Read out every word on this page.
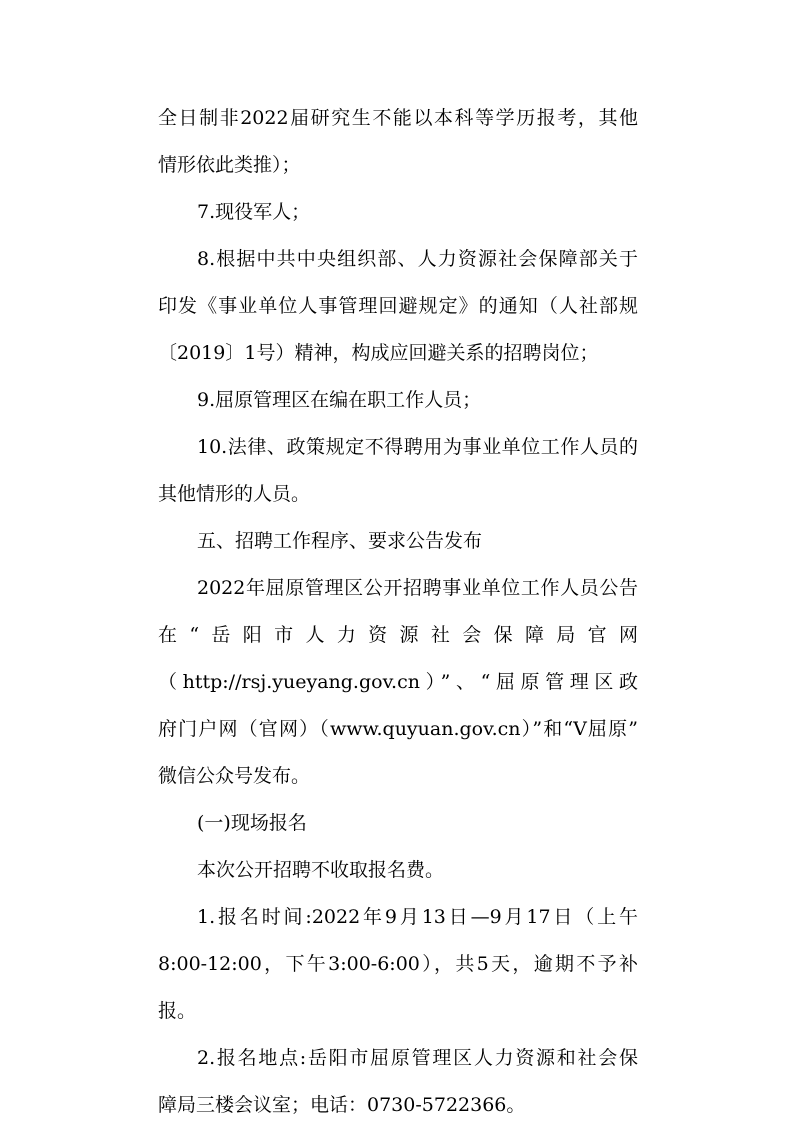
全日制非2022届研究生不能以本科等学历报考，其他
情形依此类推）；
7.现役军人；
8.根据中共中央组织部、人力资源社会保障部关于
印发《事业单位人事管理回避规定》的通知（人社部规
〔2019〕1号）精神，构成应回避关系的招聘岗位；
9.屈原管理区在编在职工作人员；
10.法律、政策规定不得聘用为事业单位工作人员的
其他情形的人员。
五、招聘工作程序、要求公告发布
2022年屈原管理区公开招聘事业单位工作人员公告
在“岳阳市人力资源社会保障局官网
（http://rsj.yueyang.gov.cn）”、“屈原管理区政
府门户网（官网）（www.quyuan.gov.cn）”和“V屈原”
微信公众号发布。
(一)现场报名
本次公开招聘不收取报名费。
1.报名时间:2022年9月13日—9月17日（上午
8:00-12:00，下午3:00-6:00），共5天，逾期不予补
报。
2.报名地点:岳阳市屈原管理区人力资源和社会保
障局三楼会议室；电话：0730-5722366。
